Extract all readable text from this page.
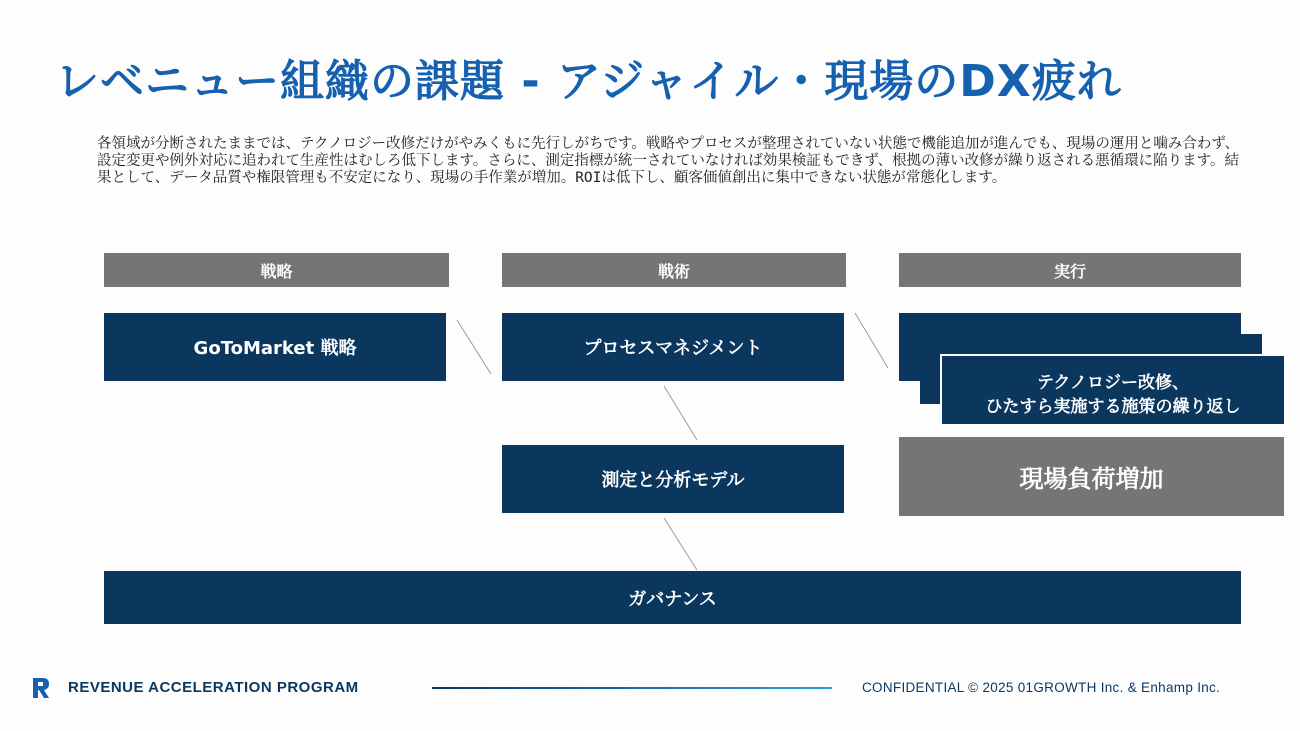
レベニュー組織の課題 - アジャイル・現場のDX疲れ
各領域が分断されたままでは、テクノロジー改修だけがやみくもに先行しがちです。戦略やプロセスが整理されていない状態で機能追加が進んでも、現場の運用と噛み合わず、設定変更や例外対応に追われて生産性はむしろ低下します。さらに、測定指標が統一されていなければ効果検証もできず、根拠の薄い改修が繰り返される悪循環に陥ります。結果として、データ品質や権限管理も不安定になり、現場の手作業が増加。ROIは低下し、顧客価値創出に集中できない状態が常態化します。
戦略	戦術	実行
GoToMarket 戦略	プロセスマネジメント
測定と分析モデル
テクノロジー改修、
ひたすら実施する施策の繰り返し
現場負荷増加
ガバナンス
REVENUE ACCELERATION PROGRAM	CONFIDENTIAL © 2025 01GROWTH Inc. & Enhamp Inc.
